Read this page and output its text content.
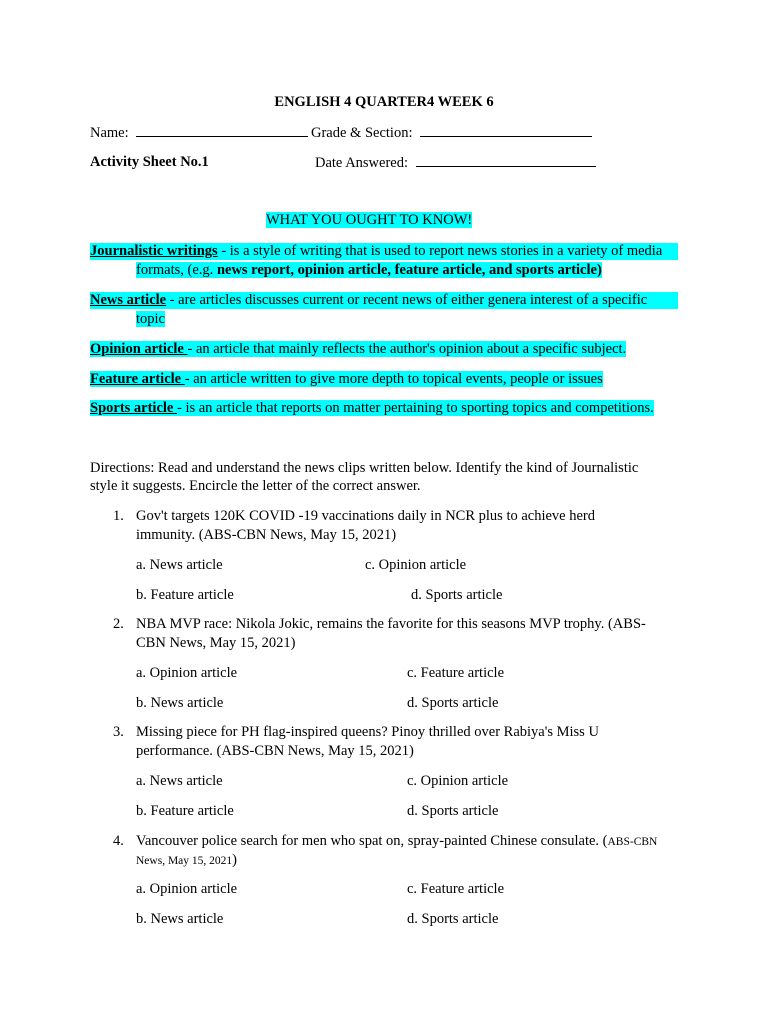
ENGLISH 4 QUARTER4 WEEK 6
Name:	Grade & Section:
Activity Sheet No.1	Date Answered:
WHAT YOU OUGHT TO KNOW!
Journalistic writings - is a style of writing that is used to report news stories in a variety of media
formats, (e.g. news report, opinion article, feature article, and sports article)
News article - are articles discusses current or recent news of either genera interest of a specific
topic
Opinion article - an article that mainly reflects the author's opinion about a specific subject.
Feature article - an article written to give more depth to topical events, people or issues
Sports article - is an article that reports on matter pertaining to sporting topics and competitions.
Directions: Read and understand the news clips written below. Identify the kind of Journalistic
style it suggests. Encircle the letter of the correct answer.
1. Gov't targets 120K COVID -19 vaccinations daily in NCR plus to achieve herd
immunity. (ABS-CBN News, May 15, 2021)
a. News article	c. Opinion article
b. Feature article	d. Sports article
2. NBA MVP race: Nikola Jokic, remains the favorite for this seasons MVP trophy. (ABS-
CBN News, May 15, 2021)
a. Opinion article	c. Feature article
b. News article	d. Sports article
3. Missing piece for PH flag-inspired queens? Pinoy thrilled over Rabiya's Miss U
performance. (ABS-CBN News, May 15, 2021)
a. News article	c. Opinion article
b. Feature article	d. Sports article
4. Vancouver police search for men who spat on, spray-painted Chinese consulate. (ABS-CBN
News, May 15, 2021)
a. Opinion article	c. Feature article
b. News article	d. Sports article
